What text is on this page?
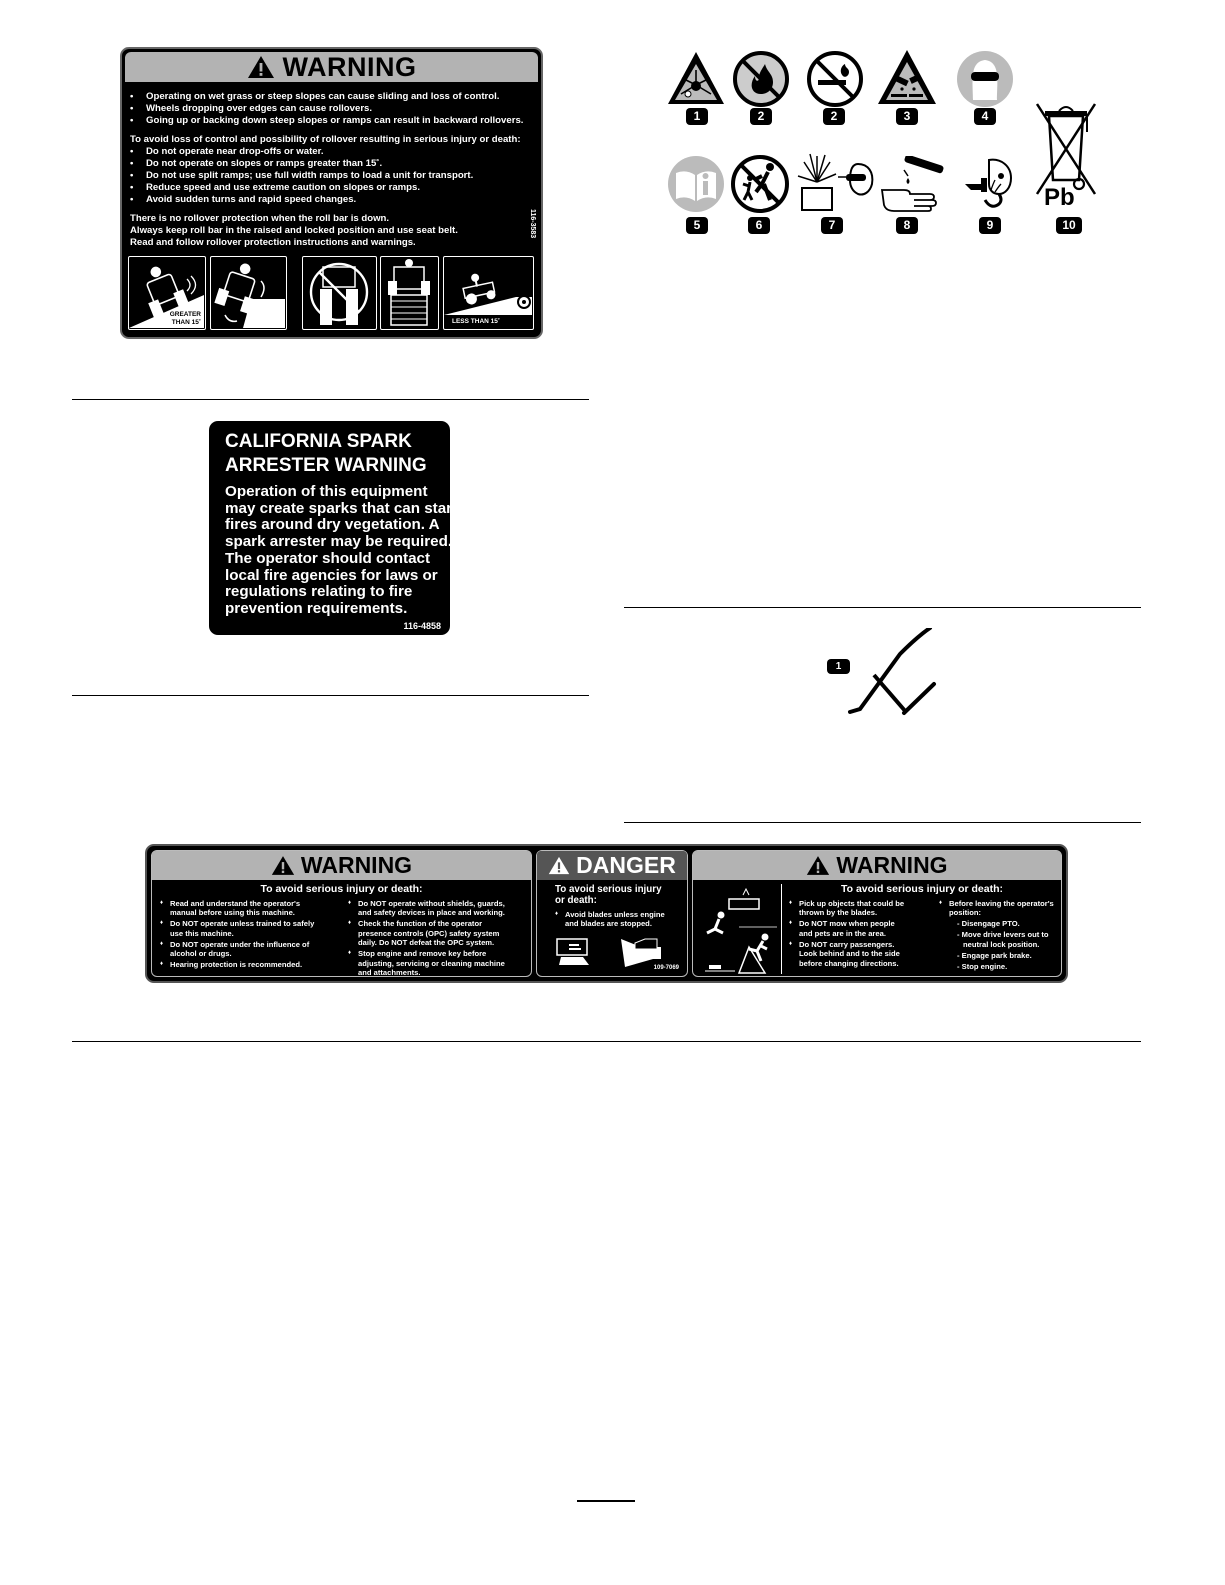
WARNING
• Operating on wet grass or steep slopes can cause sliding and loss of control.
• Wheels dropping over edges can cause rollovers.
• Going up or backing down steep slopes or ramps can result in backward rollovers.

To avoid loss of control and possibility of rollover resulting in serious injury or death:

• Do not operate near drop-offs or water.
• Do not operate on slopes or ramps greater than 15˚.
• Do not use split ramps; use full width ramps to load a unit for transport.
• Reduce speed and use extreme caution on slopes or ramps.
• Avoid sudden turns and rapid speed changes.

There is no rollover protection when the roll bar is down.

Always keep roll bar in the raised and locked position and use seat belt.

Read and follow rollover protection instructions and warnings.

116-3583
GREATER
THAN 15˚	LESS THAN 15˚
Pb
1	2	2	3	4
5	6	7	8	9	10
CALIFORNIA SPARK
ARRESTER WARNING
Operation of this equipment
may create sparks that can start
fires around dry vegetation. A
spark arrester may be required.
The operator should contact
local fire agencies for laws or
regulations relating to fire
prevention requirements.
116-4858
1
WARNING
To avoid serious injury or death:
♦ Read and understand the operator's
manual before using this machine.
♦ Do NOT operate unless trained to safely
use this machine.
♦ Do NOT operate under the influence of
alcohol or drugs.
♦ Hearing protection is recommended.
♦ Do NOT operate without shields, guards,
and safety devices in place and working.
♦ Check the function of the operator
presence controls (OPC) safety system
daily. Do NOT defeat the OPC system.
♦ Stop engine and remove key before
adjusting, servicing or cleaning machine
and attachments.
DANGER
To avoid serious injury
or death:
♦ Avoid blades unless engine
and blades are stopped.
109-7069
WARNING
To avoid serious injury or death:
♦ Pick up objects that could be
thrown by the blades.
♦ Do NOT mow when people
and pets are in the area.
♦ Do NOT carry passengers.
Look behind and to the side
before changing directions.
♦ Before leaving the operator's
position:
- Disengage PTO.
- Move drive levers out to
neutral lock position.
- Engage park brake.
- Stop engine.
